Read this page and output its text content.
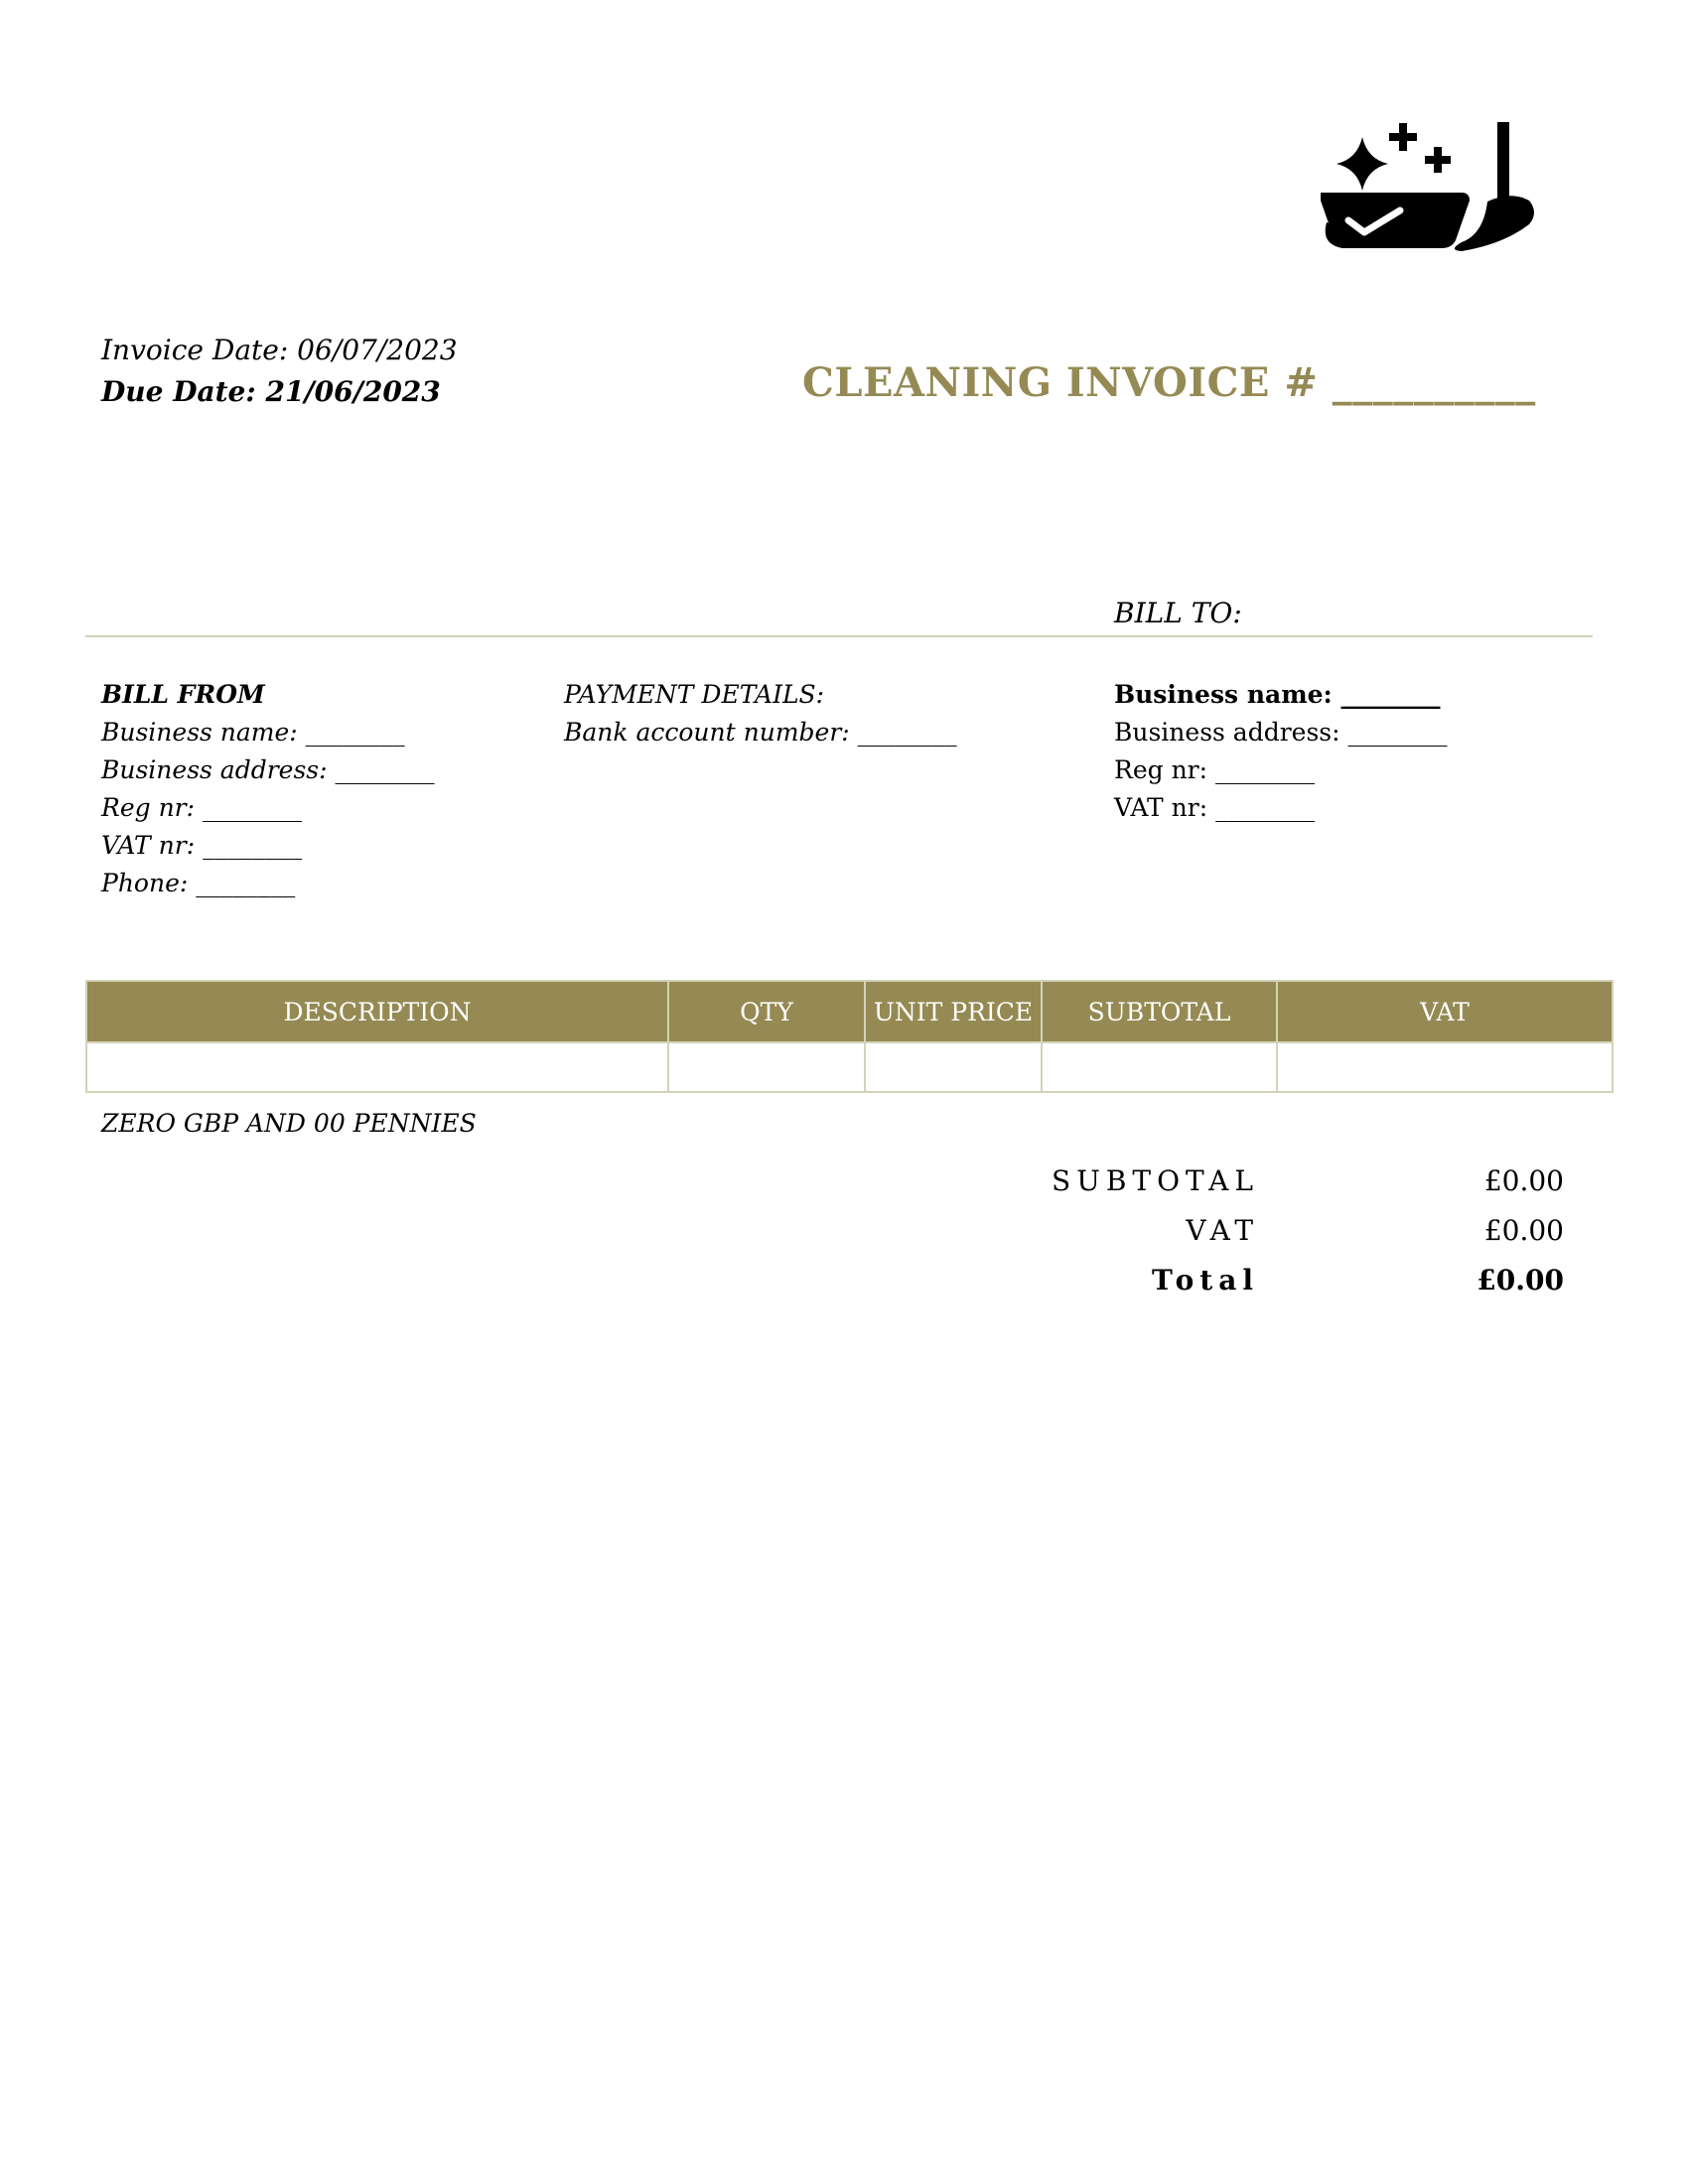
Invoice Date: 06/07/2023
Due Date: 21/06/2023	CLEANING INVOICE # __________
BILL TO:
BILL FROM
Business name: ________
Business address: ________
Reg nr: ________
VAT nr: ________
Phone: ________
PAYMENT DETAILS:
Bank account number: ________
Business name: ________
Business address: ________
Reg nr: ________
VAT nr: ________
DESCRIPTION	QTY	UNIT PRICE	SUBTOTAL	VAT

ZERO GBP AND 00 PENNIES
SUBTOTAL	£0.00
VAT	£0.00
Total	£0.00
